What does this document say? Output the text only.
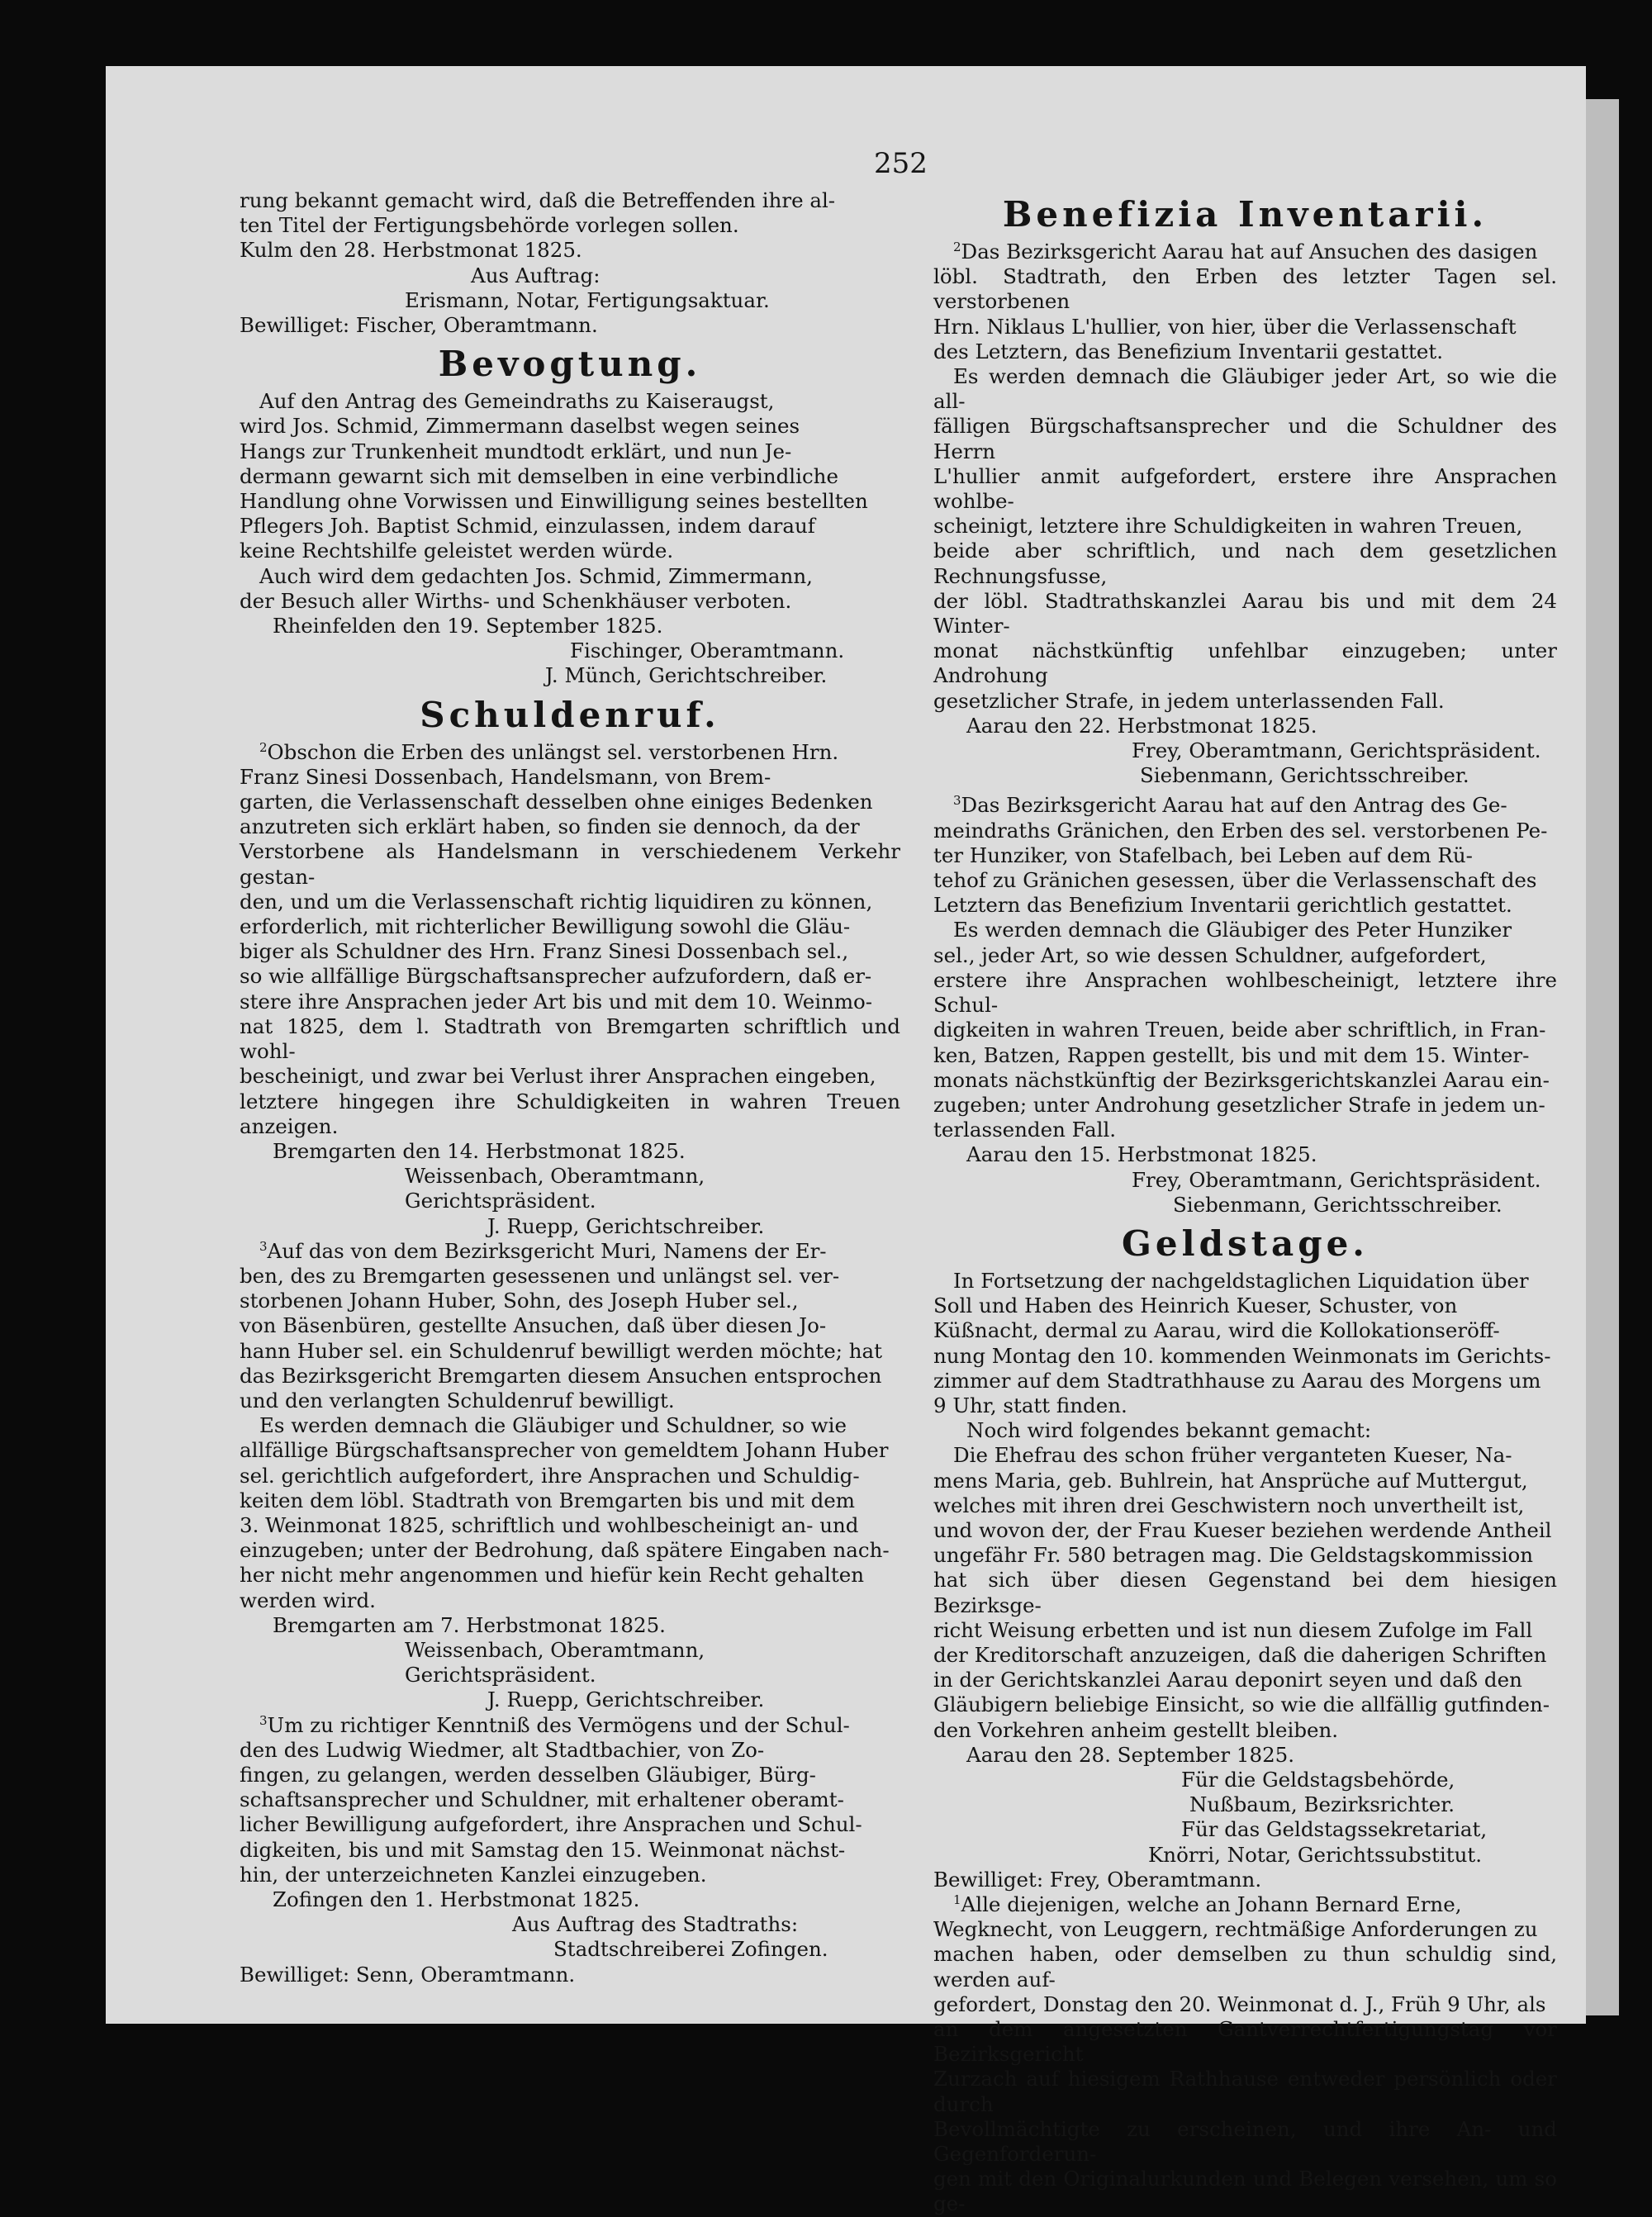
252

rung bekannt gemacht wird, daß die Betreffenden ihre al-

ten Titel der Fertigungsbehörde vorlegen sollen.

Kulm den 28. Herbstmonat 1825.

Aus Auftrag:

Erismann, Notar, Fertigungsaktuar.

Bewilliget: Fischer, Oberamtmann.

Bevogtung.

Auf den Antrag des Gemeindraths zu Kaiseraugst,

wird Jos. Schmid, Zimmermann daselbst wegen seines

Hangs zur Trunkenheit mundtodt erklärt, und nun Je-

dermann gewarnt sich mit demselben in eine verbindliche

Handlung ohne Vorwissen und Einwilligung seines bestellten

Pflegers Joh. Baptist Schmid, einzulassen, indem darauf

keine Rechtshilfe geleistet werden würde.

Auch wird dem gedachten Jos. Schmid, Zimmermann,

der Besuch aller Wirths- und Schenkhäuser verboten.

Rheinfelden den 19. September 1825.

Fischinger, Oberamtmann.

J. Münch, Gerichtschreiber.

Schuldenruf.

$^2$Obschon die Erben des unlängst sel. verstorbenen Hrn.

Franz Sinesi Dossenbach, Handelsmann, von Brem-

garten, die Verlassenschaft desselben ohne einiges Bedenken

anzutreten sich erklärt haben, so finden sie dennoch, da der

Verstorbene als Handelsmann in verschiedenem Verkehr gestan-

den, und um die Verlassenschaft richtig liquidiren zu können,

erforderlich, mit richterlicher Bewilligung sowohl die Gläu-

biger als Schuldner des Hrn. Franz Sinesi Dossenbach sel.,

so wie allfällige Bürgschaftsansprecher aufzufordern, daß er-

stere ihre Ansprachen jeder Art bis und mit dem 10. Weinmo-

nat 1825, dem l. Stadtrath von Bremgarten schriftlich und wohl-

bescheinigt, und zwar bei Verlust ihrer Ansprachen eingeben,

letztere hingegen ihre Schuldigkeiten in wahren Treuen anzeigen.

Bremgarten den 14. Herbstmonat 1825.

Weissenbach, Oberamtmann, Gerichtspräsident.

J. Ruepp, Gerichtschreiber.

$^3$Auf das von dem Bezirksgericht Muri, Namens der Er-

ben, des zu Bremgarten gesessenen und unlängst sel. ver-

storbenen Johann Huber, Sohn, des Joseph Huber sel.,

von Bäsenbüren, gestellte Ansuchen, daß über diesen Jo-

hann Huber sel. ein Schuldenruf bewilligt werden möchte; hat

das Bezirksgericht Bremgarten diesem Ansuchen entsprochen

und den verlangten Schuldenruf bewilligt.

Es werden demnach die Gläubiger und Schuldner, so wie

allfällige Bürgschaftsansprecher von gemeldtem Johann Huber

sel. gerichtlich aufgefordert, ihre Ansprachen und Schuldig-

keiten dem löbl. Stadtrath von Bremgarten bis und mit dem

3. Weinmonat 1825, schriftlich und wohlbescheinigt an- und

einzugeben; unter der Bedrohung, daß spätere Eingaben nach-

her nicht mehr angenommen und hiefür kein Recht gehalten

werden wird.

Bremgarten am 7. Herbstmonat 1825.

Weissenbach, Oberamtmann, Gerichtspräsident.

J. Ruepp, Gerichtschreiber.

$^3$Um zu richtiger Kenntniß des Vermögens und der Schul-

den des Ludwig Wiedmer, alt Stadtbachier, von Zo-

fingen, zu gelangen, werden desselben Gläubiger, Bürg-

schaftsansprecher und Schuldner, mit erhaltener oberamt-

licher Bewilligung aufgefordert, ihre Ansprachen und Schul-

digkeiten, bis und mit Samstag den 15. Weinmonat nächst-

hin, der unterzeichneten Kanzlei einzugeben.

Zofingen den 1. Herbstmonat 1825.

Aus Auftrag des Stadtraths:

Stadtschreiberei Zofingen.

Bewilliget: Senn, Oberamtmann.

Benefizia Inventarii.

$^2$Das Bezirksgericht Aarau hat auf Ansuchen des dasigen

löbl. Stadtrath, den Erben des letzter Tagen sel. verstorbenen

Hrn. Niklaus L'hullier, von hier, über die Verlassenschaft

des Letztern, das Benefizium Inventarii gestattet.

Es werden demnach die Gläubiger jeder Art, so wie die all-

fälligen Bürgschaftsansprecher und die Schuldner des Herrn

L'hullier anmit aufgefordert, erstere ihre Ansprachen wohlbe-

scheinigt, letztere ihre Schuldigkeiten in wahren Treuen,

beide aber schriftlich, und nach dem gesetzlichen Rechnungsfusse,

der löbl. Stadtrathskanzlei Aarau bis und mit dem 24 Winter-

monat nächstkünftig unfehlbar einzugeben; unter Androhung

gesetzlicher Strafe, in jedem unterlassenden Fall.

Aarau den 22. Herbstmonat 1825.

Frey, Oberamtmann, Gerichtspräsident.

Siebenmann, Gerichtsschreiber.

$^3$Das Bezirksgericht Aarau hat auf den Antrag des Ge-

meindraths Gränichen, den Erben des sel. verstorbenen Pe-

ter Hunziker, von Stafelbach, bei Leben auf dem Rü-

tehof zu Gränichen gesessen, über die Verlassenschaft des

Letztern das Benefizium Inventarii gerichtlich gestattet.

Es werden demnach die Gläubiger des Peter Hunziker

sel., jeder Art, so wie dessen Schuldner, aufgefordert,

erstere ihre Ansprachen wohlbescheinigt, letztere ihre Schul-

digkeiten in wahren Treuen, beide aber schriftlich, in Fran-

ken, Batzen, Rappen gestellt, bis und mit dem 15. Winter-

monats nächstkünftig der Bezirksgerichtskanzlei Aarau ein-

zugeben; unter Androhung gesetzlicher Strafe in jedem un-

terlassenden Fall.

Aarau den 15. Herbstmonat 1825.

Frey, Oberamtmann, Gerichtspräsident.

Siebenmann, Gerichtsschreiber.

Geldstage.

In Fortsetzung der nachgeldstaglichen Liquidation über

Soll und Haben des Heinrich Kueser, Schuster, von

Küßnacht, dermal zu Aarau, wird die Kollokationseröff-

nung Montag den 10. kommenden Weinmonats im Gerichts-

zimmer auf dem Stadtrathhause zu Aarau des Morgens um

9 Uhr, statt finden.

Noch wird folgendes bekannt gemacht:

Die Ehefrau des schon früher verganteten Kueser, Na-

mens Maria, geb. Buhlrein, hat Ansprüche auf Muttergut,

welches mit ihren drei Geschwistern noch unvertheilt ist,

und wovon der, der Frau Kueser beziehen werdende Antheil

ungefähr Fr. 580 betragen mag. Die Geldstagskommission

hat sich über diesen Gegenstand bei dem hiesigen Bezirksge-

richt Weisung erbetten und ist nun diesem Zufolge im Fall

der Kreditorschaft anzuzeigen, daß die daherigen Schriften

in der Gerichtskanzlei Aarau deponirt seyen und daß den

Gläubigern beliebige Einsicht, so wie die allfällig gutfinden-

den Vorkehren anheim gestellt bleiben.

Aarau den 28. September 1825.

Für die Geldstagsbehörde,

Nußbaum, Bezirksrichter.

Für das Geldstagssekretariat,

Knörri, Notar, Gerichtssubstitut.

Bewilliget: Frey, Oberamtmann.

$^1$Alle diejenigen, welche an Johann Bernard Erne,

Wegknecht, von Leuggern, rechtmäßige Anforderungen zu

machen haben, oder demselben zu thun schuldig sind, werden auf-

gefordert, Donstag den 20. Weinmonat d. J., Früh 9 Uhr, als

an dem angesetzten Gantverrechtfertigungstag vor Bezirksgericht

Zurzach auf hiesigem Rathhause entweder persönlich oder durch

Bevollmächtigte zu erscheinen, und ihre An- und Gegenforderun-

gen mit den Originalurkunden und Belegen versehen, um so ge-
